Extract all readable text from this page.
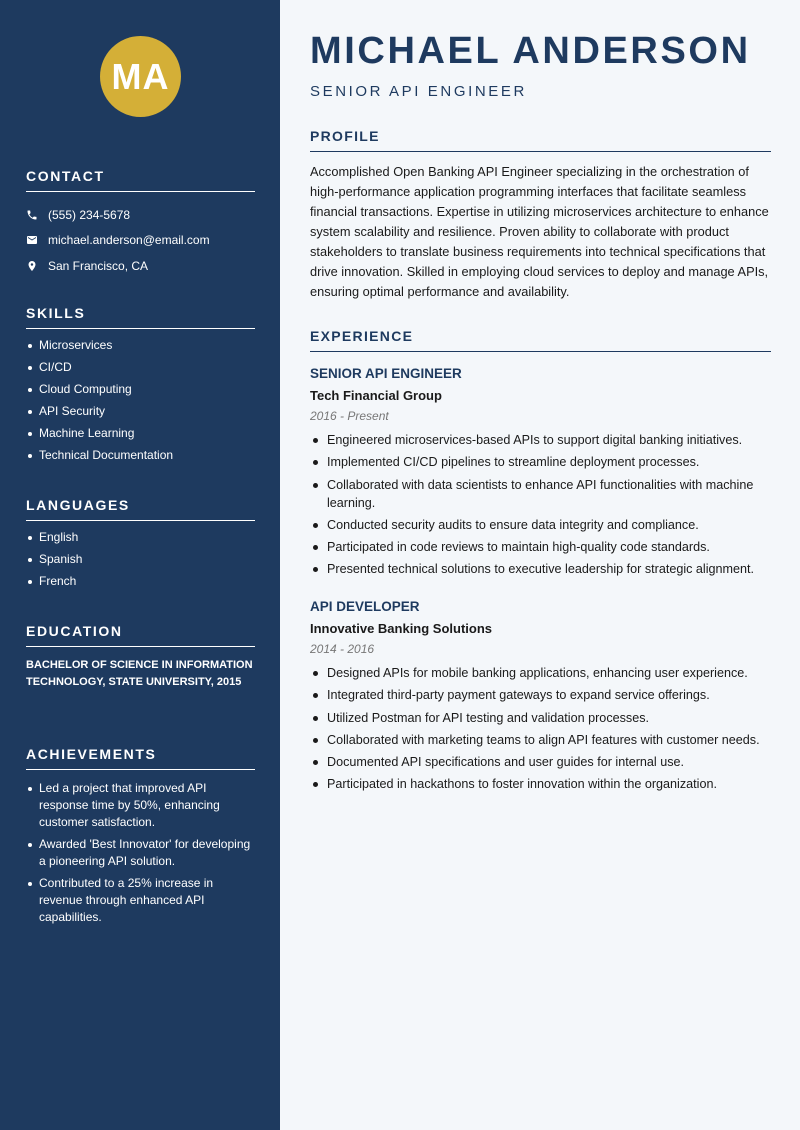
MA
CONTACT
(555) 234-5678
michael.anderson@email.com
San Francisco, CA
SKILLS
Microservices
CI/CD
Cloud Computing
API Security
Machine Learning
Technical Documentation
LANGUAGES
English
Spanish
French
EDUCATION
BACHELOR OF SCIENCE IN INFORMATION TECHNOLOGY, STATE UNIVERSITY, 2015
ACHIEVEMENTS
Led a project that improved API response time by 50%, enhancing customer satisfaction.
Awarded 'Best Innovator' for developing a pioneering API solution.
Contributed to a 25% increase in revenue through enhanced API capabilities.
MICHAEL ANDERSON
SENIOR API ENGINEER
PROFILE

Accomplished Open Banking API Engineer specializing in the orchestration of high-performance application programming interfaces that facilitate seamless financial transactions. Expertise in utilizing microservices architecture to enhance system scalability and resilience. Proven ability to collaborate with product stakeholders to translate business requirements into technical specifications that drive innovation. Skilled in employing cloud services to deploy and manage APIs, ensuring optimal performance and availability.

EXPERIENCE
SENIOR API ENGINEER
Tech Financial Group
2016 - Present
Engineered microservices-based APIs to support digital banking initiatives.
Implemented CI/CD pipelines to streamline deployment processes.
Collaborated with data scientists to enhance API functionalities with machine learning.
Conducted security audits to ensure data integrity and compliance.
Participated in code reviews to maintain high-quality code standards.
Presented technical solutions to executive leadership for strategic alignment.
API DEVELOPER
Innovative Banking Solutions
2014 - 2016
Designed APIs for mobile banking applications, enhancing user experience.
Integrated third-party payment gateways to expand service offerings.
Utilized Postman for API testing and validation processes.
Collaborated with marketing teams to align API features with customer needs.
Documented API specifications and user guides for internal use.
Participated in hackathons to foster innovation within the organization.
